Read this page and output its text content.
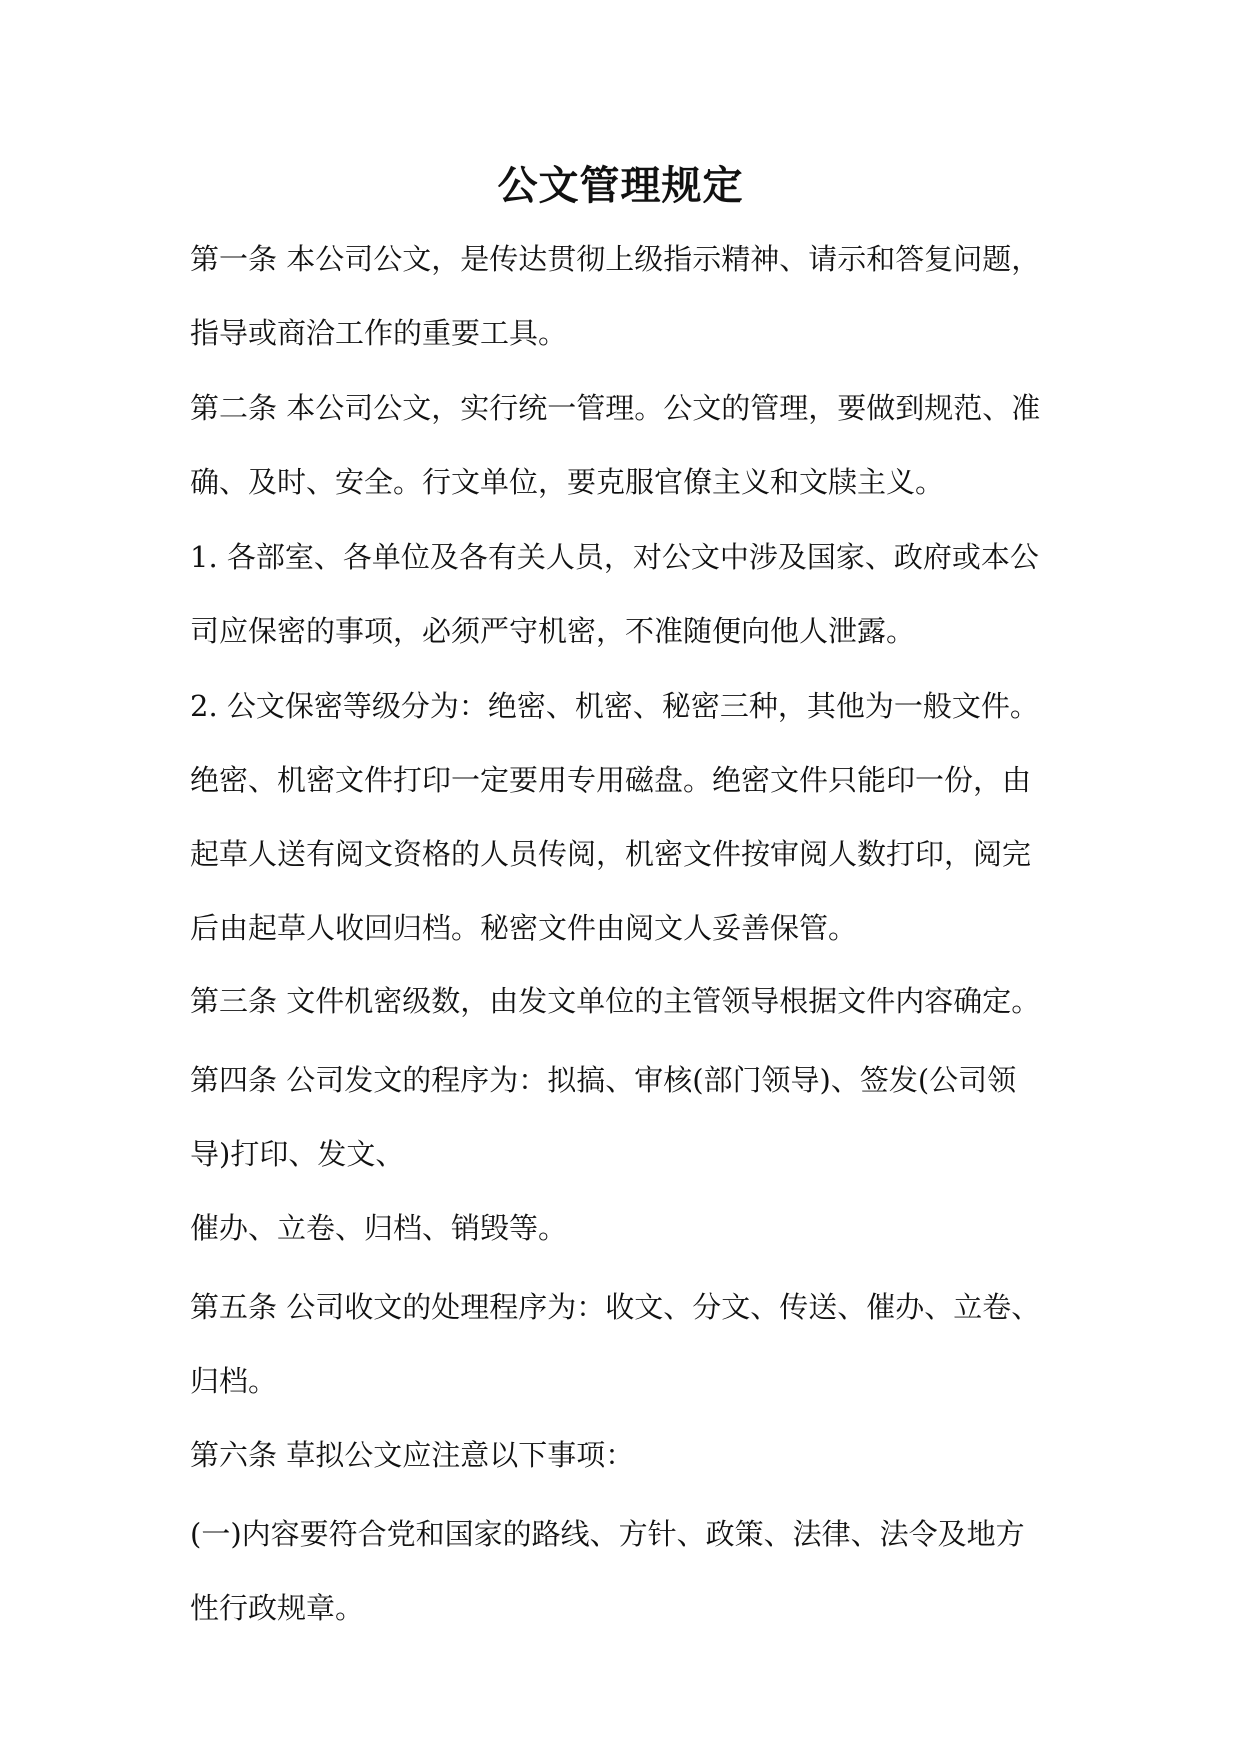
公文管理规定

第一条 本公司公文，是传达贯彻上级指示精神、请示和答复问题，
指导或商洽工作的重要工具。

第二条 本公司公文，实行统一管理。公文的管理，要做到规范、准
确、及时、安全。行文单位，要克服官僚主义和文牍主义。

1. 各部室、各单位及各有关人员，对公文中涉及国家、政府或本公
司应保密的事项，必须严守机密，不准随便向他人泄露。

2. 公文保密等级分为：绝密、机密、秘密三种，其他为一般文件。
绝密、机密文件打印一定要用专用磁盘。绝密文件只能印一份，由
起草人送有阅文资格的人员传阅，机密文件按审阅人数打印，阅完
后由起草人收回归档。秘密文件由阅文人妥善保管。

第三条 文件机密级数，由发文单位的主管领导根据文件内容确定。

第四条 公司发文的程序为：拟搞、审核(部门领导)、签发(公司领
导)打印、发文、

催办、立卷、归档、销毁等。

第五条 公司收文的处理程序为：收文、分文、传送、催办、立卷、
归档。

第六条 草拟公文应注意以下事项：

(一)内容要符合党和国家的路线、方针、政策、法律、法令及地方
性行政规章。
